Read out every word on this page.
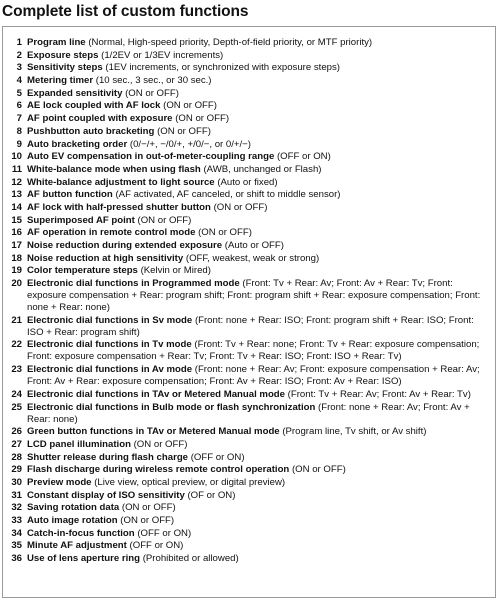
Complete list of custom functions
1 Program line (Normal, High-speed priority, Depth-of-field priority, or MTF priority)
2 Exposure steps (1/2EV or 1/3EV increments)
3 Sensitivity steps (1EV increments, or synchronized with exposure steps)
4 Metering timer (10 sec., 3 sec., or 30 sec.)
5 Expanded sensitivity (ON or OFF)
6 AE lock coupled with AF lock (ON or OFF)
7 AF point coupled with exposure (ON or OFF)
8 Pushbutton auto bracketing (ON or OFF)
9 Auto bracketing order (0/−/+, −/0/+, +/0/−, or 0/+/−)
10 Auto EV compensation in out-of-meter-coupling range (OFF or ON)
11 White-balance mode when using flash (AWB, unchanged or Flash)
12 White-balance adjustment to light source (Auto or fixed)
13 AF button function (AF activated, AF canceled, or shift to middle sensor)
14 AF lock with half-pressed shutter button (ON or OFF)
15 Superimposed AF point (ON or OFF)
16 AF operation in remote control mode (ON or OFF)
17 Noise reduction during extended exposure (Auto or OFF)
18 Noise reduction at high sensitivity (OFF, weakest, weak or strong)
19 Color temperature steps (Kelvin or Mired)
20 Electronic dial functions in Programmed mode (Front: Tv + Rear: Av; Front: Av + Rear: Tv; Front: exposure compensation + Rear: program shift; Front: program shift + Rear: exposure compensation; Front: none + Rear: none)
21 Electronic dial functions in Sv mode (Front: none + Rear: ISO; Front: program shift + Rear: ISO; Front: ISO + Rear: program shift)
22 Electronic dial functions in Tv mode (Front: Tv + Rear: none; Front: Tv + Rear: exposure compensation; Front: exposure compensation + Rear: Tv; Front: Tv + Rear: ISO; Front: ISO + Rear: Tv)
23 Electronic dial functions in Av mode (Front: none + Rear: Av; Front: exposure compensation + Rear: Av; Front: Av + Rear: exposure compensation; Front: Av + Rear: ISO; Front: Av + Rear: ISO)
24 Electronic dial functions in TAv or Metered Manual mode (Front: Tv + Rear: Av; Front: Av + Rear: Tv)
25 Electronic dial functions in Bulb mode or flash synchronization (Front: none + Rear: Av; Front: Av + Rear: none)
26 Green button functions in TAv or Metered Manual mode (Program line, Tv shift, or Av shift)
27 LCD panel illumination (ON or OFF)
28 Shutter release during flash charge (OFF or ON)
29 Flash discharge during wireless remote control operation (ON or OFF)
30 Preview mode (Live view, optical preview, or digital preview)
31 Constant display of ISO sensitivity (OF or ON)
32 Saving rotation data (ON or OFF)
33 Auto image rotation (ON or OFF)
34 Catch-in-focus function (OFF or ON)
35 Minute AF adjustment (OFF or ON)
36 Use of lens aperture ring (Prohibited or allowed)
